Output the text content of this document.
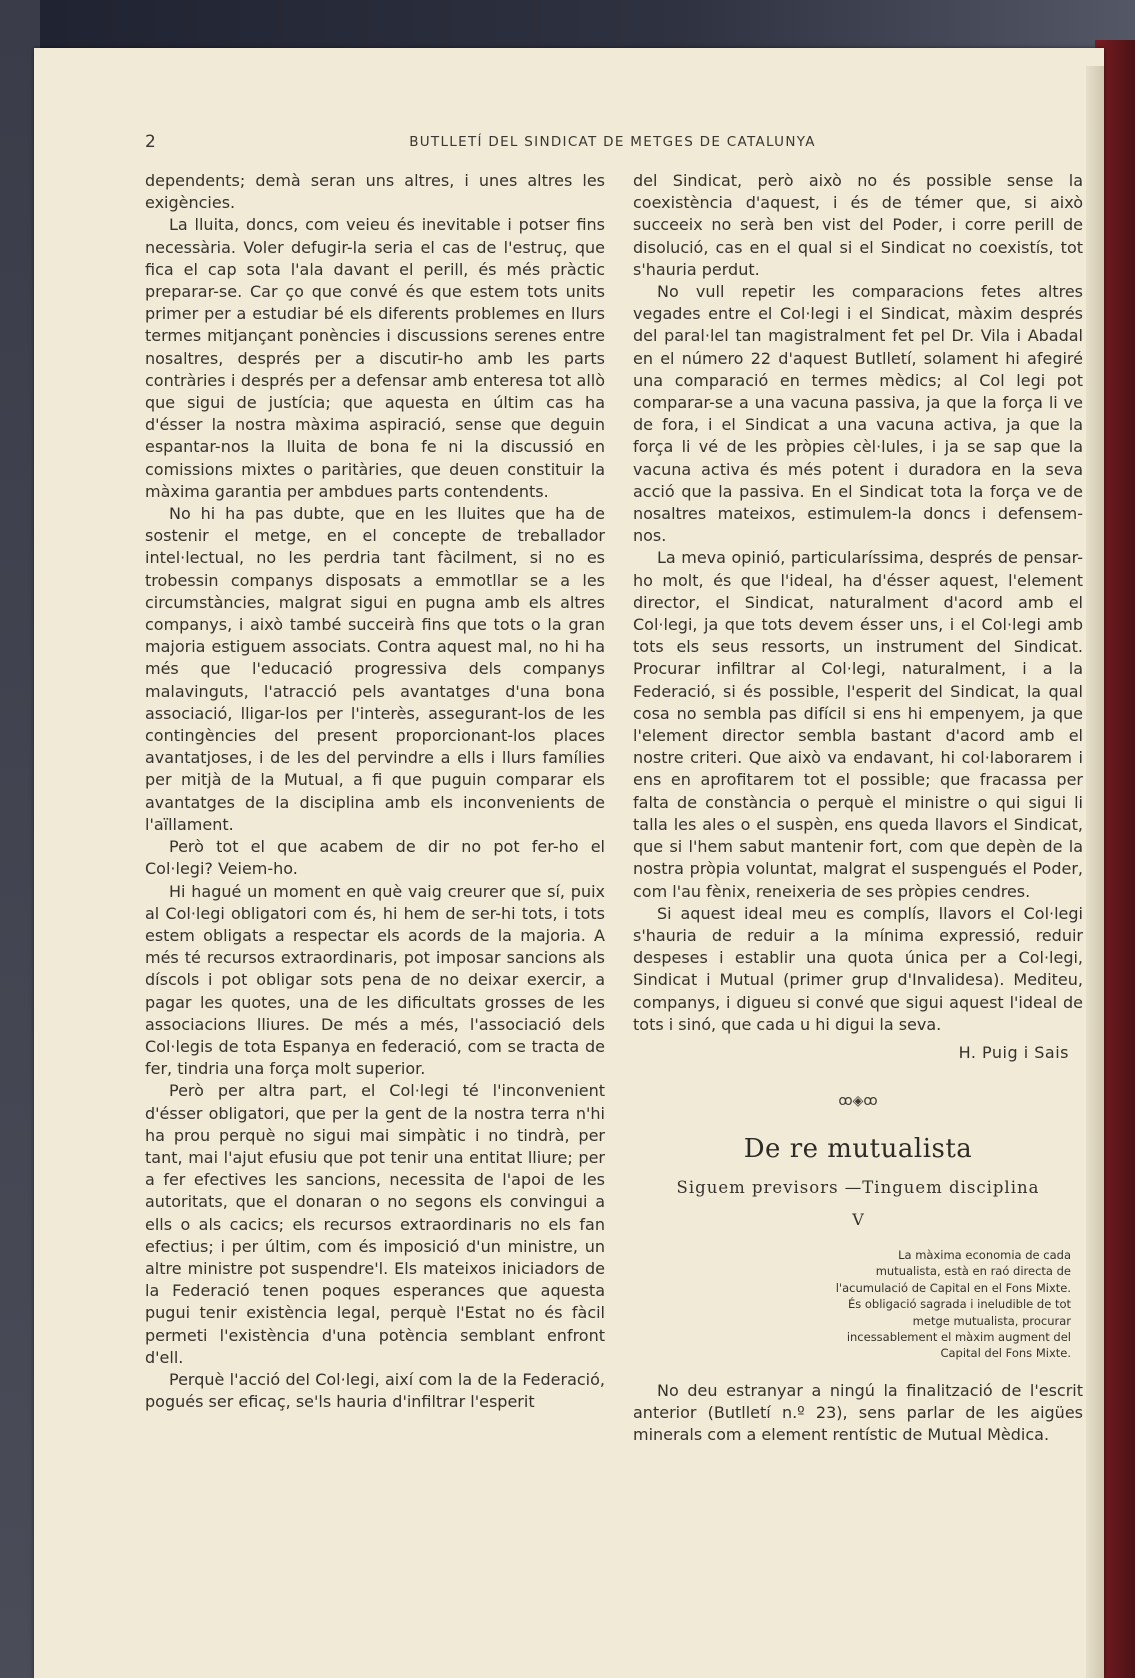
2	BUTLLETÍ DEL SINDICAT DE METGES DE CATALUNYA

dependents; demà seran uns altres, i unes altres les exigències.

La lluita, doncs, com veieu és inevitable i potser fins necessària. Voler defugir-la seria el cas de l'estruç, que fica el cap sota l'ala davant el perill, és més pràctic preparar-se. Car ço que convé és que estem tots units primer per a estudiar bé els diferents problemes en llurs termes mitjançant ponències i discussions serenes entre nosaltres, després per a discutir-ho amb les parts contràries i després per a defensar amb enteresa tot allò que sigui de justícia; que aquesta en últim cas ha d'ésser la nostra màxima aspiració, sense que deguin espantar-nos la lluita de bona fe ni la discussió en comissions mixtes o paritàries, que deuen constituir la màxima garantia per ambdues parts contendents.

No hi ha pas dubte, que en les lluites que ha de sostenir el metge, en el concepte de treballador intel·lectual, no les perdria tant fàcilment, si no es trobessin companys disposats a emmotllar se a les circumstàncies, malgrat sigui en pugna amb els altres companys, i això també succeirà fins que tots o la gran majoria estiguem associats. Contra aquest mal, no hi ha més que l'educació progressiva dels companys malavinguts, l'atracció pels avantatges d'una bona associació, lligar-los per l'interès, assegurant-los de les contingències del present proporcionant-los places avantatjoses, i de les del pervindre a ells i llurs famílies per mitjà de la Mutual, a fi que puguin comparar els avantatges de la disciplina amb els inconvenients de l'aïllament.

Però tot el que acabem de dir no pot fer-ho el Col·legi? Veiem-ho.

Hi hagué un moment en què vaig creurer que sí, puix al Col·legi obligatori com és, hi hem de ser-hi tots, i tots estem obligats a respectar els acords de la majoria. A més té recursos extraordinaris, pot imposar sancions als díscols i pot obligar sots pena de no deixar exercir, a pagar les quotes, una de les dificultats grosses de les associacions lliures. De més a més, l'associació dels Col·legis de tota Espanya en federació, com se tracta de fer, tindria una força molt superior.

Però per altra part, el Col·legi té l'inconvenient d'ésser obligatori, que per la gent de la nostra terra n'hi ha prou perquè no sigui mai simpàtic i no tindrà, per tant, mai l'ajut efusiu que pot tenir una entitat lliure; per a fer efectives les sancions, necessita de l'apoi de les autoritats, que el donaran o no segons els convingui a ells o als cacics; els recursos extraordinaris no els fan efectius; i per últim, com és imposició d'un ministre, un altre ministre pot suspendre'l. Els mateixos iniciadors de la Federació tenen poques esperances que aquesta pugui tenir existència legal, perquè l'Estat no és fàcil permeti l'existència d'una potència semblant enfront d'ell.

Perquè l'acció del Col·legi, així com la de la Federació, pogués ser eficaç, se'ls hauria d'infiltrar l'esperit

del Sindicat, però això no és possible sense la coexistència d'aquest, i és de témer que, si això succeeix no serà ben vist del Poder, i corre perill de disolució, cas en el qual si el Sindicat no coexistís, tot s'hauria perdut.

No vull repetir les comparacions fetes altres vegades entre el Col·legi i el Sindicat, màxim després del paral·lel tan magistralment fet pel Dr. Vila i Abadal en el número 22 d'aquest Butlletí, solament hi afegiré una comparació en termes mèdics; al Col legi pot comparar-se a una vacuna passiva, ja que la força li ve de fora, i el Sindicat a una vacuna activa, ja que la força li vé de les pròpies cèl·lules, i ja se sap que la vacuna activa és més potent i duradora en la seva acció que la passiva. En el Sindicat tota la força ve de nosaltres mateixos, estimulem-la doncs i defensem-nos.

La meva opinió, particularíssima, després de pensar-ho molt, és que l'ideal, ha d'ésser aquest, l'element director, el Sindicat, naturalment d'acord amb el Col·legi, ja que tots devem ésser uns, i el Col·legi amb tots els seus ressorts, un instrument del Sindicat. Procurar infiltrar al Col·legi, naturalment, i a la Federació, si és possible, l'esperit del Sindicat, la qual cosa no sembla pas difícil si ens hi empenyem, ja que l'element director sembla bastant d'acord amb el nostre criteri. Que això va endavant, hi col·laborarem i ens en aprofitarem tot el possible; que fracassa per falta de constància o perquè el ministre o qui sigui li talla les ales o el suspèn, ens queda llavors el Sindicat, que si l'hem sabut mantenir fort, com que depèn de la nostra pròpia voluntat, malgrat el suspengués el Poder, com l'au fènix, reneixeria de ses pròpies cendres.

Si aquest ideal meu es complís, llavors el Col·legi s'hauria de reduir a la mínima expressió, reduir despeses i establir una quota única per a Col·legi, Sindicat i Mutual (primer grup d'Invalidesa). Mediteu, companys, i digueu si convé que sigui aquest l'ideal de tots i sinó, que cada u hi digui la seva.

H. Puig i Sais

ꝏ◈ꝏ
De re mutualista
Siguem previsors —Tinguem disciplina
V

La màxima economia de cada mutualista, està en raó directa de l'acumulació de Capital en el Fons Mixte.

És obligació sagrada i ineludible de tot metge mutualista, procurar incessablement el màxim augment del Capital del Fons Mixte.

No deu estranyar a ningú la finalització de l'escrit anterior (Butlletí n.º 23), sens parlar de les aigües minerals com a element rentístic de Mutual Mèdica.
